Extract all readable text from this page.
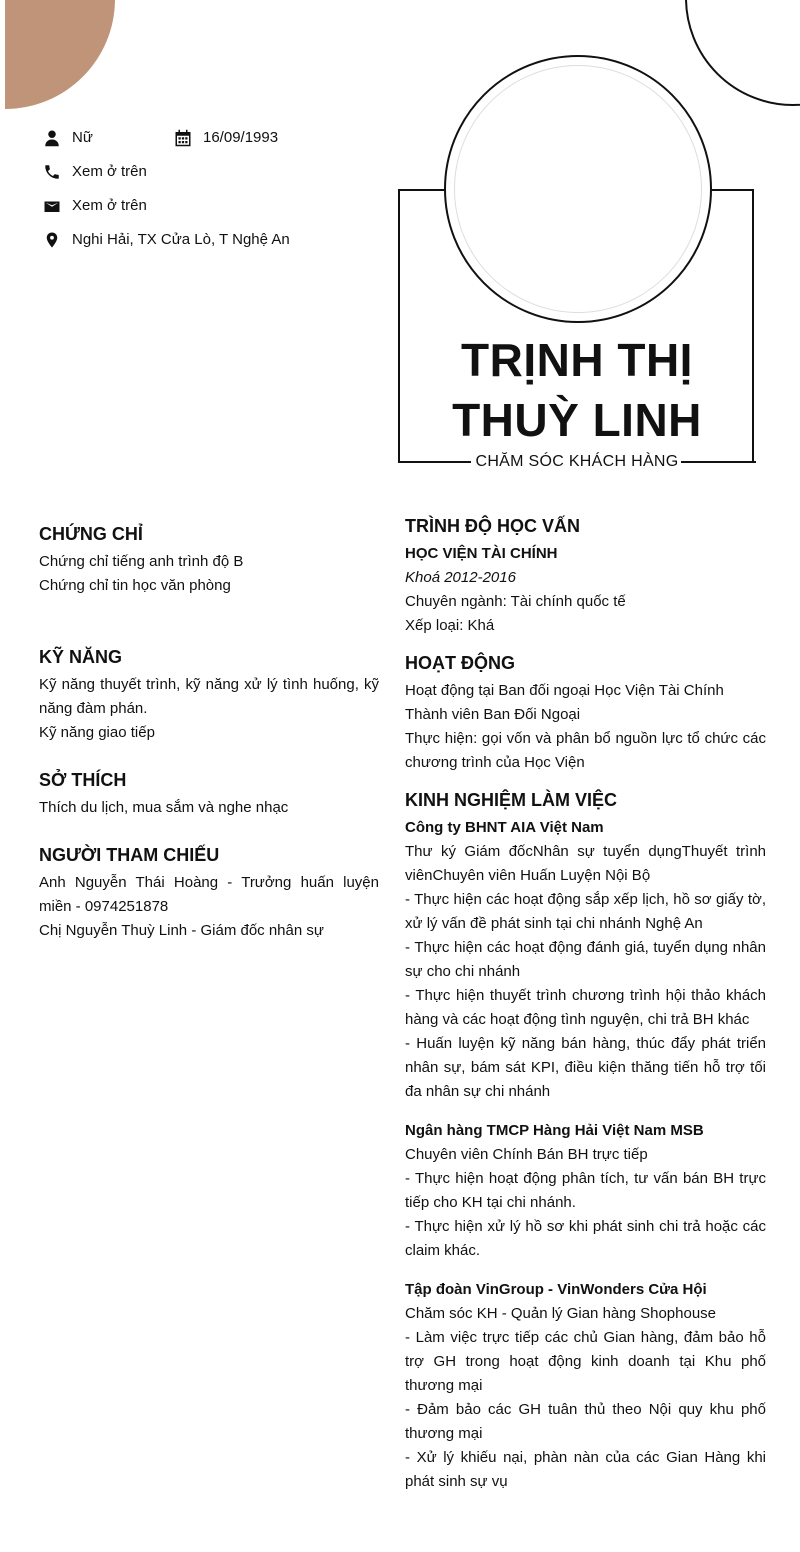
Nữ	16/09/1993
Xem ở trên
Xem ở trên
Nghi Hải, TX Cửa Lò, T Nghệ An
TRỊNH THỊ
THUỲ LINH
CHĂM SÓC KHÁCH HÀNG
CHỨNG CHỈ

Chứng chỉ tiếng anh trình độ B

Chứng chỉ tin học văn phòng

KỸ NĂNG

Kỹ năng thuyết trình, kỹ năng xử lý tình huống, kỹ năng đàm phán.

Kỹ năng giao tiếp

SỞ THÍCH

Thích du lịch, mua sắm và nghe nhạc

NGƯỜI THAM CHIẾU

Anh Nguyễn Thái Hoàng - Trưởng huấn luyện miền - 0974251878

Chị Nguyễn Thuỳ Linh - Giám đốc nhân sự

TRÌNH ĐỘ HỌC VẤN
HỌC VIỆN TÀI CHÍNH
Khoá 2012-2016

Chuyên ngành: Tài chính quốc tế

Xếp loại: Khá

HOẠT ĐỘNG

Hoạt động tại Ban đối ngoại Học Viện Tài Chính

Thành viên Ban Đối Ngoại

Thực hiện: gọi vốn và phân bổ nguồn lực tổ chức các chương trình của Học Viện

KINH NGHIỆM LÀM VIỆC
Công ty BHNT AIA Việt Nam

Thư ký Giám đốcNhân sự tuyển dụngThuyết trình viênChuyên viên Huấn Luyện Nội Bộ

- Thực hiện các hoạt động sắp xếp lịch, hồ sơ giấy tờ, xử lý vấn đề phát sinh tại chi nhánh Nghệ An

- Thực hiện các hoạt động đánh giá, tuyển dụng nhân sự cho chi nhánh

- Thực hiện thuyết trình chương trình hội thảo khách hàng và các hoạt động tình nguyện, chi trả BH khác

- Huấn luyện kỹ năng bán hàng, thúc đẩy phát triển nhân sự, bám sát KPI, điều kiện thăng tiến hỗ trợ tối đa nhân sự chi nhánh

Ngân hàng TMCP Hàng Hải Việt Nam MSB

Chuyên viên Chính Bán BH trực tiếp

- Thực hiện hoạt động phân tích, tư vấn bán BH trực tiếp cho KH tại chi nhánh.

- Thực hiện xử lý hồ sơ khi phát sinh chi trả hoặc các claim khác.

Tập đoàn VinGroup - VinWonders Cửa Hội

Chăm sóc KH - Quản lý Gian hàng Shophouse

- Làm việc trực tiếp các chủ Gian hàng, đảm bảo hỗ trợ GH trong hoạt động kinh doanh tại Khu phố thương mại

- Đảm bảo các GH tuân thủ theo Nội quy khu phố thương mại

- Xử lý khiếu nại, phàn nàn của các Gian Hàng khi phát sinh sự vụ
